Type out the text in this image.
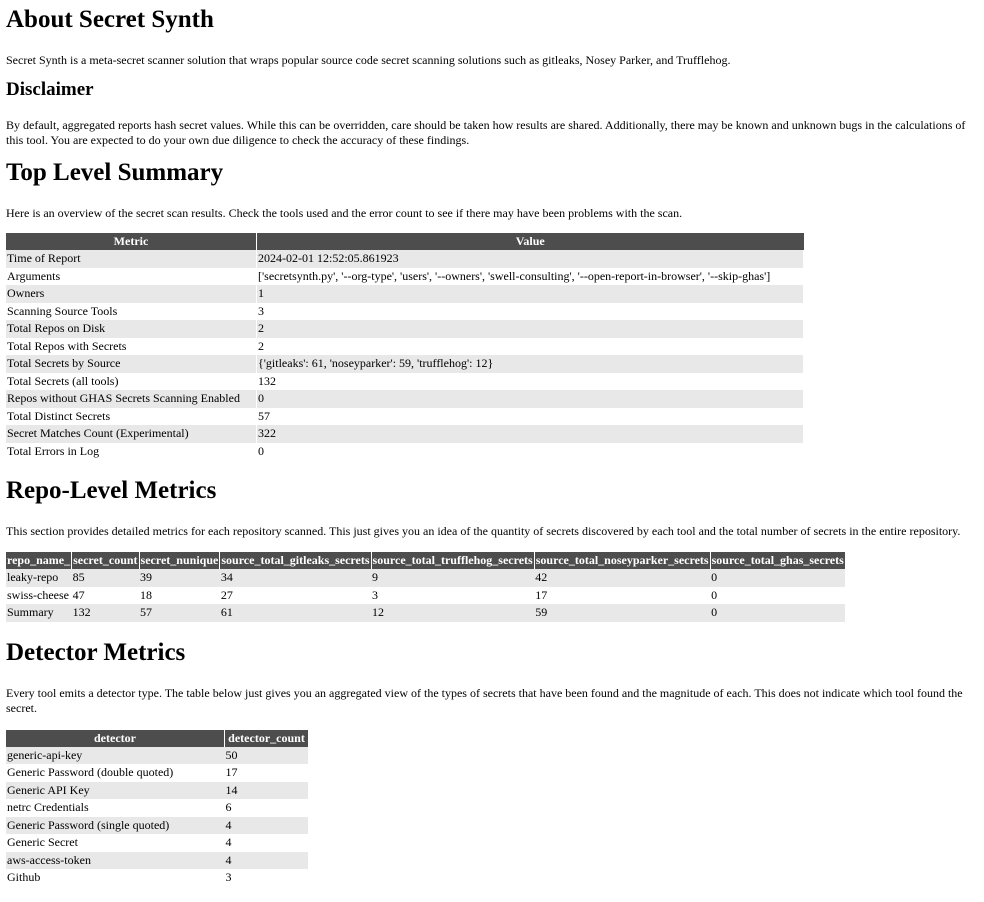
About Secret Synth

Secret Synth is a meta-secret scanner solution that wraps popular source code secret scanning solutions such as gitleaks, Nosey Parker, and Trufflehog.

Disclaimer

By default, aggregated reports hash secret values. While this can be overridden, care should be taken how results are shared. Additionally, there may be known and unknown bugs in the calculations of this tool. You are expected to do your own due diligence to check the accuracy of these findings.

Top Level Summary

Here is an overview of the secret scan results. Check the tools used and the error count to see if there may have been problems with the scan.

Metric	Value
Time of Report	2024-02-01 12:52:05.861923
Arguments	['secretsynth.py', '--org-type', 'users', '--owners', 'swell-consulting', '--open-report-in-browser', '--skip-ghas']
Owners	1
Scanning Source Tools	3
Total Repos on Disk	2
Total Repos with Secrets	2
Total Secrets by Source	{'gitleaks': 61, 'noseyparker': 59, 'trufflehog': 12}
Total Secrets (all tools)	132
Repos without GHAS Secrets Scanning Enabled	0
Total Distinct Secrets	57
Secret Matches Count (Experimental)	322
Total Errors in Log	0
Repo-Level Metrics

This section provides detailed metrics for each repository scanned. This just gives you an idea of the quantity of secrets discovered by each tool and the total number of secrets in the entire repository.

repo_name_	secret_count	secret_nunique	source_total_gitleaks_secrets	source_total_trufflehog_secrets	source_total_noseyparker_secrets	source_total_ghas_secrets
leaky-repo	85	39	34	9	42	0
swiss-cheese	47	18	27	3	17	0
Summary	132	57	61	12	59	0
Detector Metrics

Every tool emits a detector type. The table below just gives you an aggregated view of the types of secrets that have been found and the magnitude of each. This does not indicate which tool found the secret.

detector	detector_count
generic-api-key	50
Generic Password (double quoted)	17
Generic API Key	14
netrc Credentials	6
Generic Password (single quoted)	4
Generic Secret	4
aws-access-token	4
Github	3
